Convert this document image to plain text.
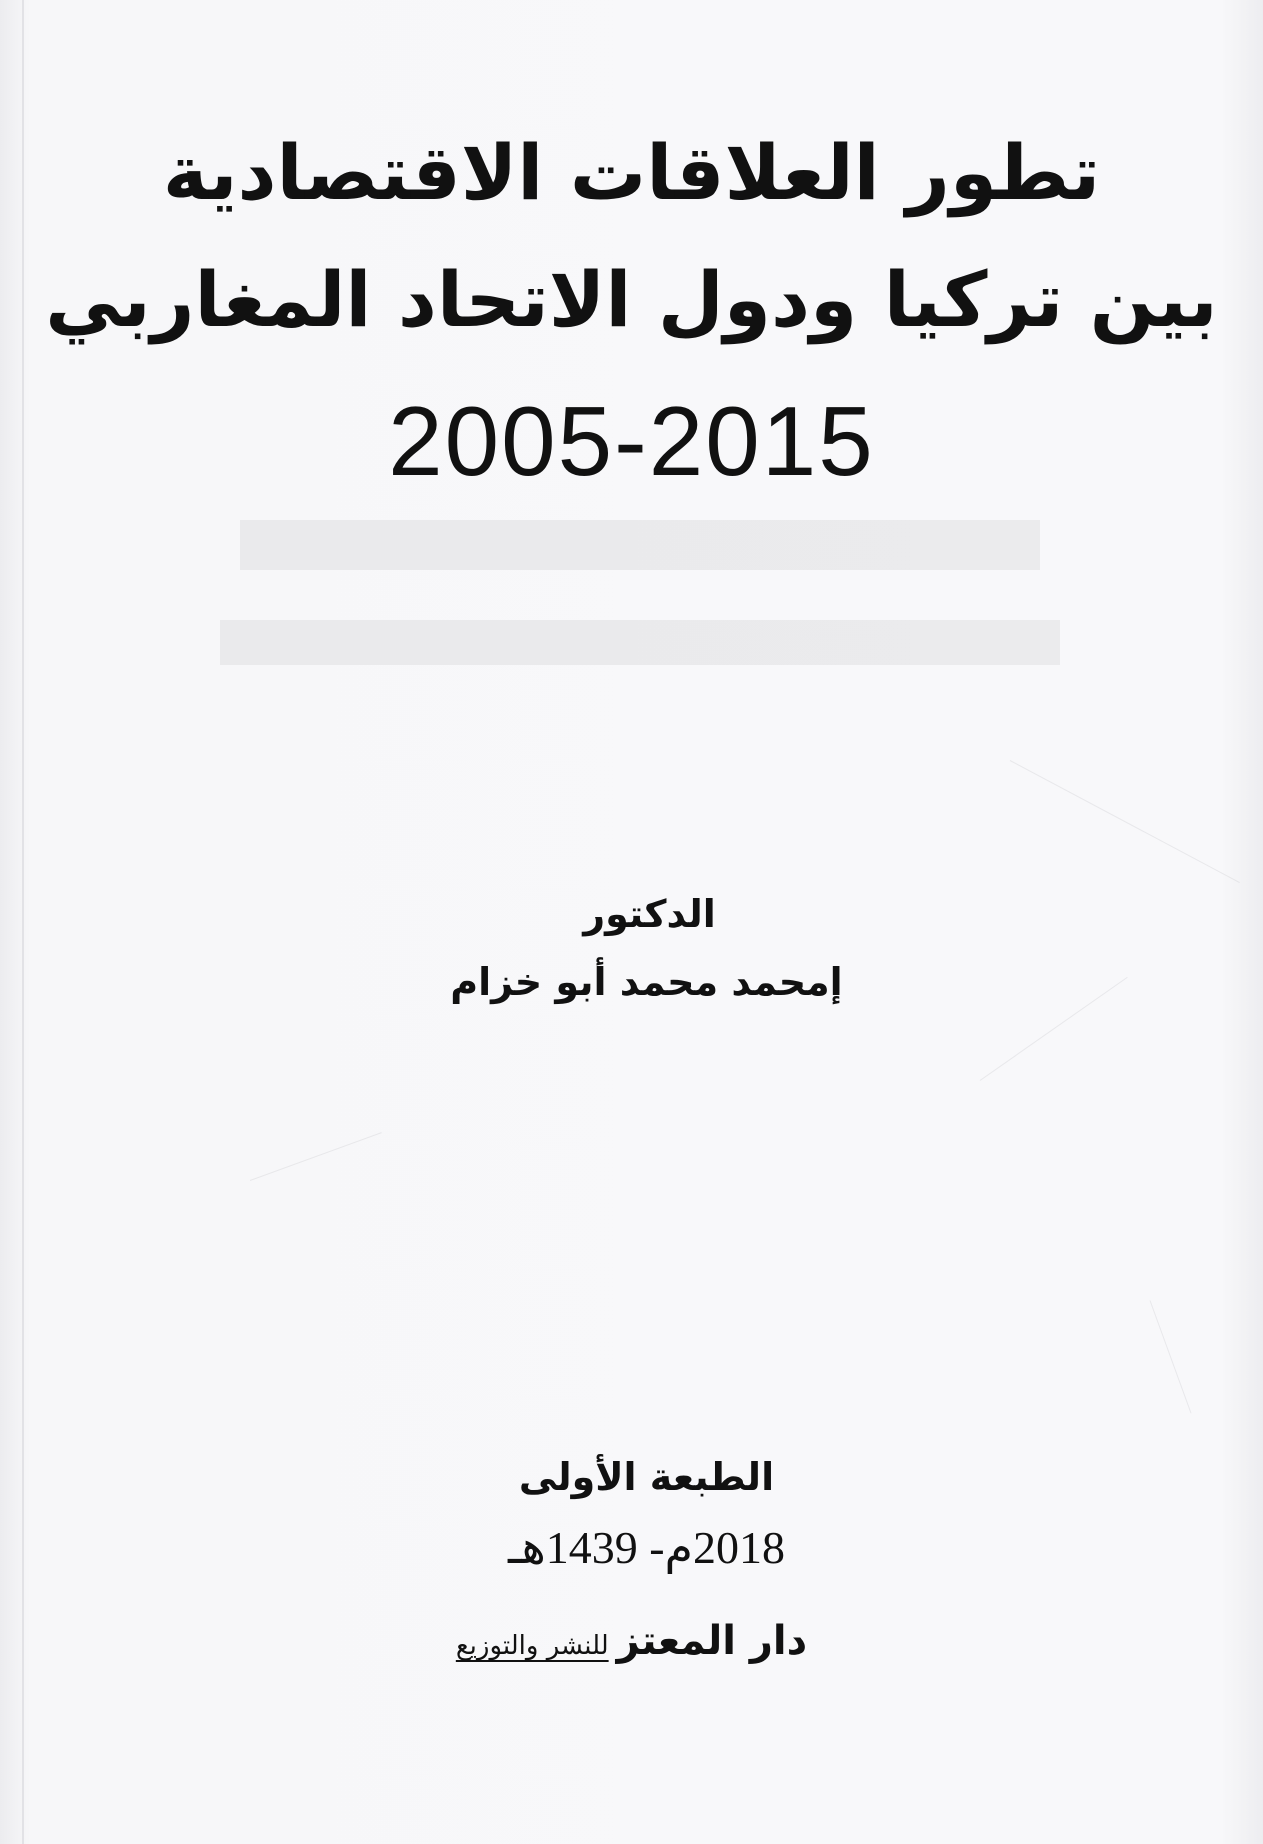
تطور العلاقات الاقتصادية
بين تركيا ودول الاتحاد المغاربي
2005-2015
الدكتور
إمحمد محمد أبو خزام
الطبعة الأولى
2018م- 1439هـ
دار المعتزللنشر والتوزيع
